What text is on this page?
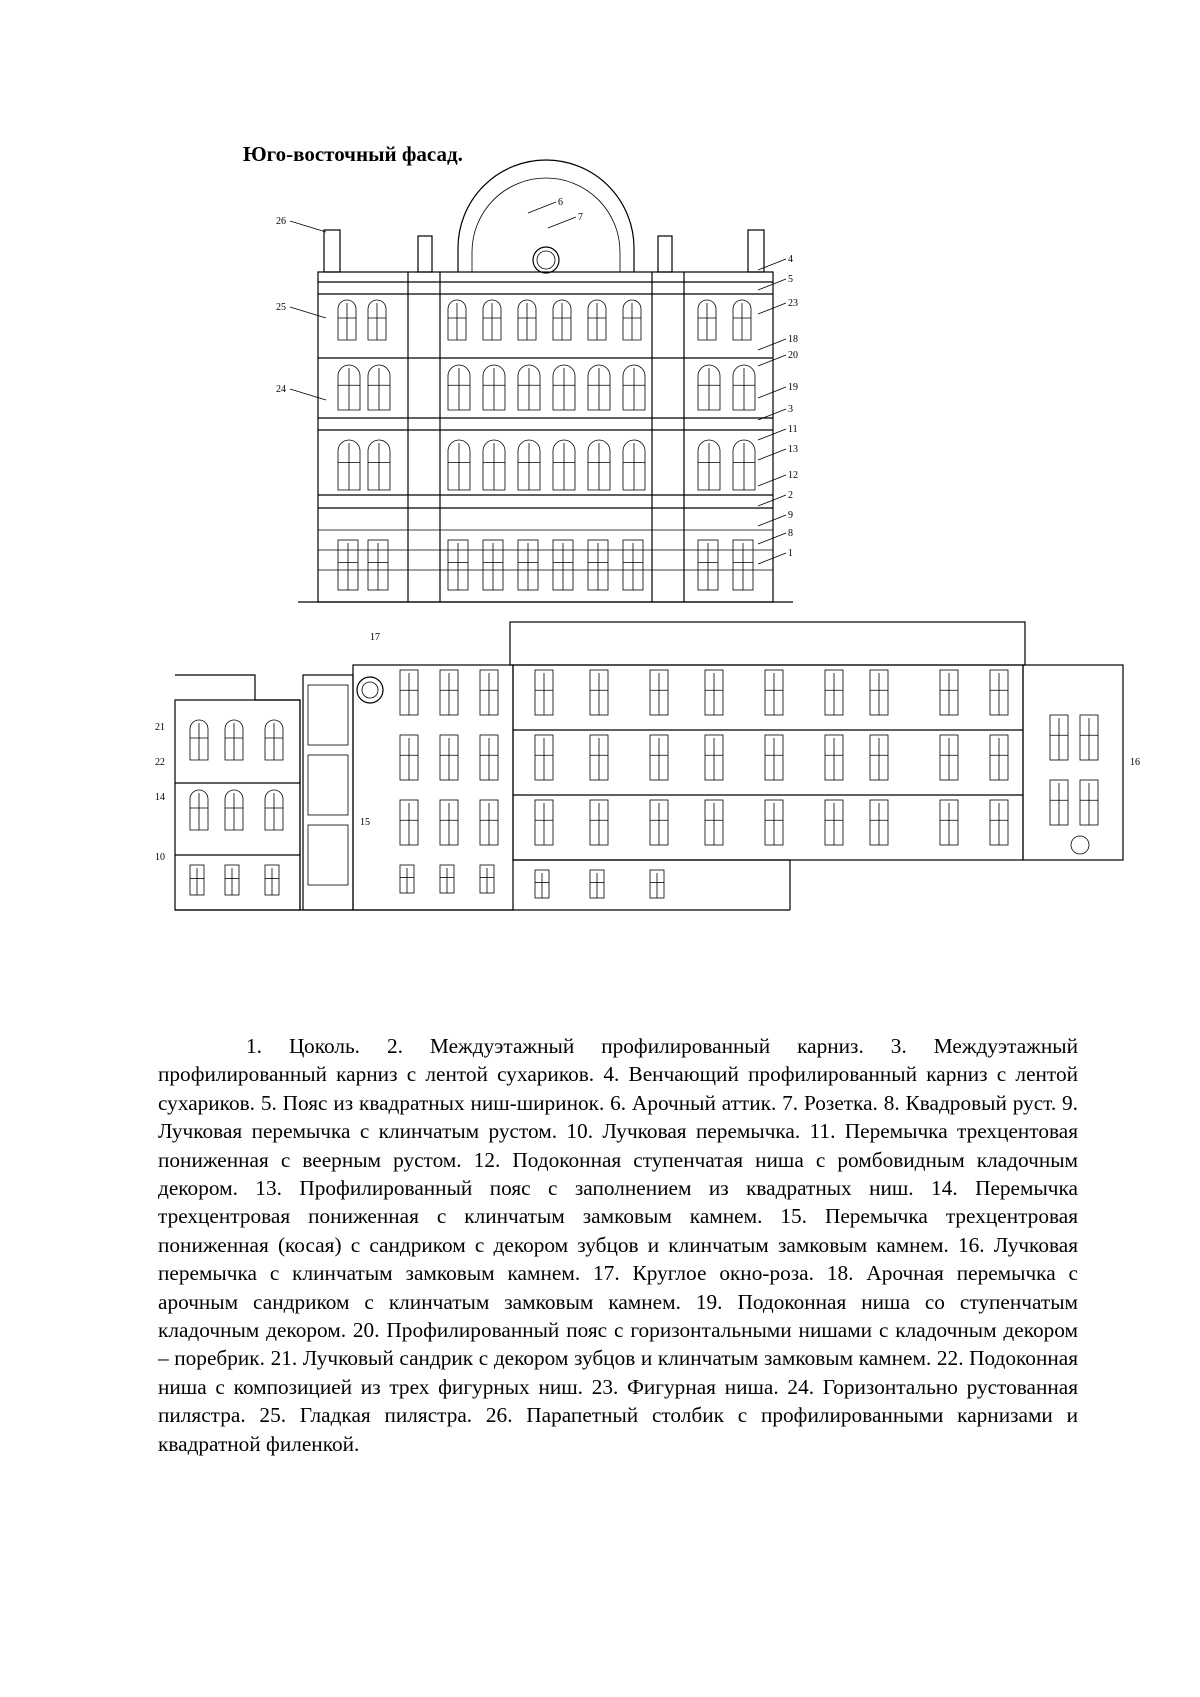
Юго-восточный фасад.
26
6
7
4
5
23
25
18
20
24	19
3
11
13
12
2
9
8
1
17
21
22
14
15
10
16

1. Цоколь. 2. Междуэтажный профилированный карниз. 3. Междуэтажный профилированный карниз с лентой сухариков. 4. Венчающий профилированный карниз с лентой сухариков. 5. Пояс из квадратных ниш-ширинок. 6. Арочный аттик. 7. Розетка. 8. Квадровый руст. 9. Лучковая перемычка с клинчатым рустом. 10. Лучковая перемычка. 11. Перемычка трехцентовая пониженная с веерным рустом. 12. Подоконная ступенчатая ниша с ромбовидным кладочным декором. 13. Профилированный пояс с заполнением из квадратных ниш. 14. Перемычка трехцентровая пониженная с клинчатым замковым камнем. 15. Перемычка трехцентровая пониженная (косая) с сандриком с декором зубцов и клинчатым замковым камнем. 16. Лучковая перемычка с клинчатым замковым камнем. 17. Круглое окно-роза. 18. Арочная перемычка с арочным сандриком с клинчатым замковым камнем. 19. Подоконная ниша со ступенчатым кладочным декором. 20. Профилированный пояс с горизонтальными нишами с кладочным декором – поребрик. 21. Лучковый сандрик с декором зубцов и клинчатым замковым камнем. 22. Подоконная ниша с композицией из трех фигурных ниш. 23. Фигурная ниша. 24. Горизонтально рустованная пилястра. 25. Гладкая пилястра. 26. Парапетный столбик с профилированными карнизами и квадратной филенкой.
